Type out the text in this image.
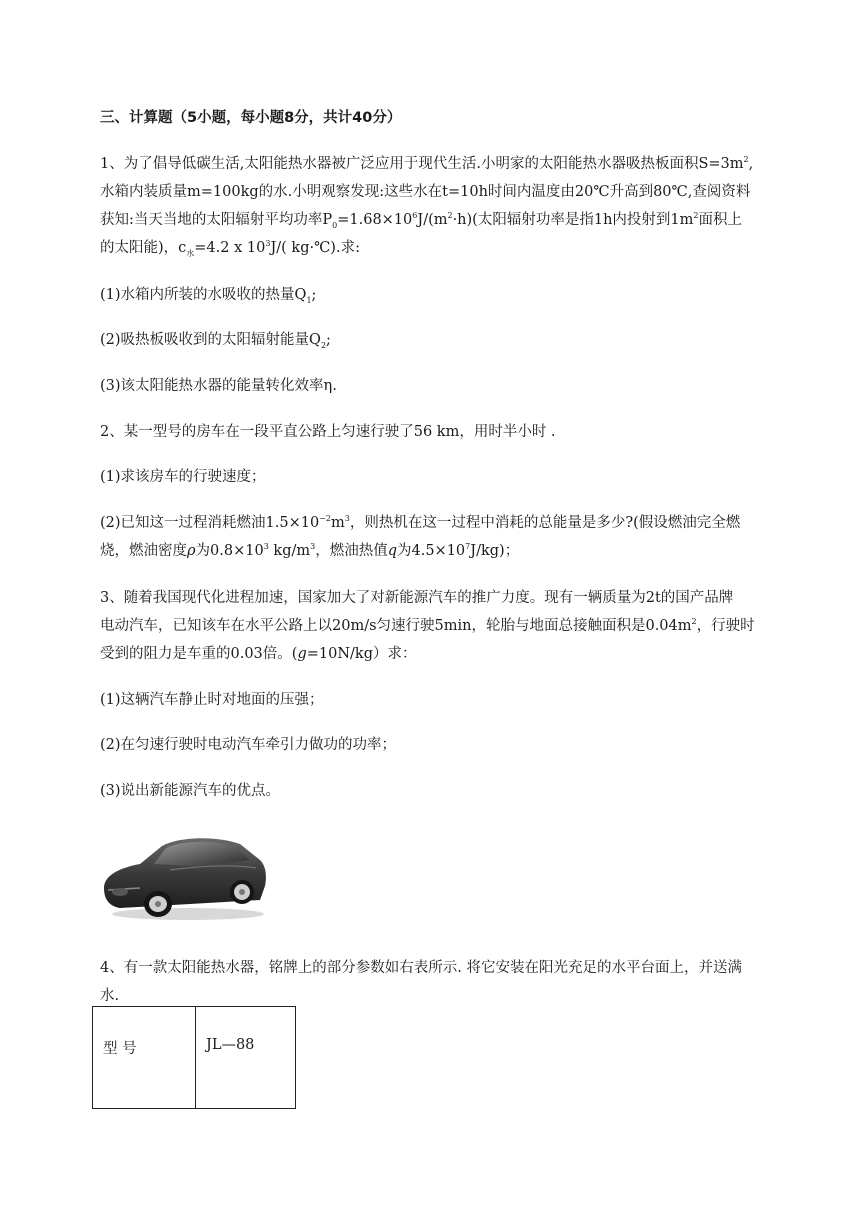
三、计算题（5小题，每小题8分，共计40分）
1、为了倡导低碳生活,太阳能热水器被广泛应用于现代生活.小明家的太阳能热水器吸热板面积$S=3m^2$,
水箱内装质量m=100kg的水.小明观察发现:这些水在t=10h时间内温度由20℃升高到80℃,查阅资料
获知:当天当地的太阳辐射平均功率$P_0=1.68\times 10^6J/(m^2\cdot h)$(太阳辐射功率是指1h内投射到$1m^2$面积上
的太阳能)，$c_水=4.2$ x $10^3J/$( kg·℃).求:
(1)水箱内所装的水吸收的热量$Q_1$;
(2)吸热板吸收到的太阳辐射能量$Q_2$;
(3)该太阳能热水器的能量转化效率η.
2、某一型号的房车在一段平直公路上匀速行驶了56 km，用时半小时 .
(1)求该房车的行驶速度；
(2)已知这一过程消耗燃油$1.5\times 10^{-2}m^3$，则热机在这一过程中消耗的总能量是多少?(假设燃油完全燃
烧，燃油密度ρ为$0.8\times 10^3$ $kg/m^3$，燃油热值q为$4.5\times 10^7J/kg$)；
3、随着我国现代化进程加速，国家加大了对新能源汽车的推广力度。现有一辆质量为2t的国产品牌
电动汽车，已知该车在水平公路上以20m/s匀速行驶5min，轮胎与地面总接触面积是$0.04m^2$，行驶时
受到的阻力是车重的0.03倍。(g=10N/kg）求：
(1)这辆汽车静止时对地面的压强；
(2)在匀速行驶时电动汽车牵引力做功的功率；
(3)说出新能源汽车的优点。
4、有一款太阳能热水器，铭牌上的部分参数如右表所示. 将它安装在阳光充足的水平台面上，并送满
水.
型 号	JL—88
